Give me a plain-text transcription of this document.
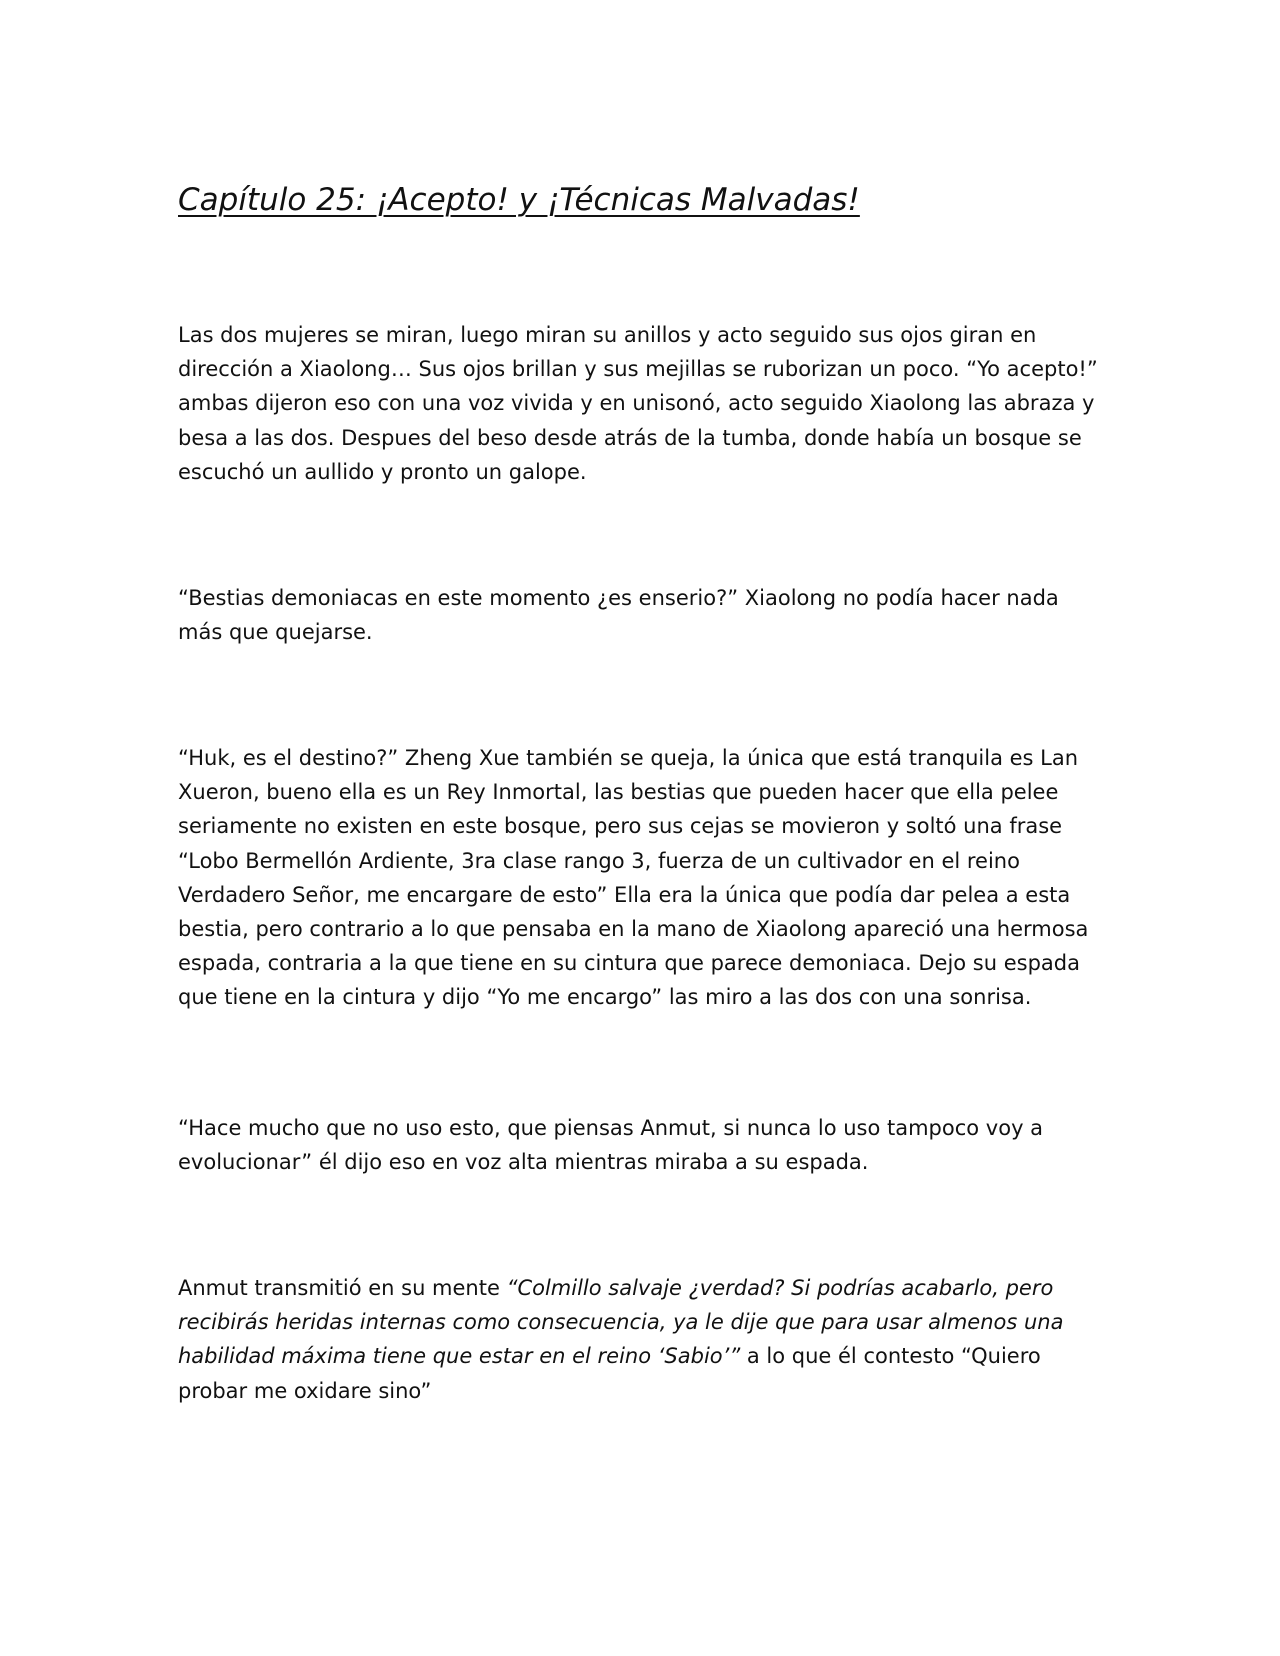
Capítulo 25: ¡Acepto! y ¡Técnicas Malvadas!

Las dos mujeres se miran, luego miran su anillos y acto seguido sus ojos giran en dirección a Xiaolong… Sus ojos brillan y sus mejillas se ruborizan un poco. “Yo acepto!” ambas dijeron eso con una voz vivida y en unisonó, acto seguido Xiaolong las abraza y besa a las dos. Despues del beso desde atrás de la tumba, donde había un bosque se escuchó un aullido y pronto un galope.

“Bestias demoniacas en este momento ¿es enserio?” Xiaolong no podía hacer nada más que quejarse.

“Huk, es el destino?” Zheng Xue también se queja, la única que está tranquila es Lan Xueron, bueno ella es un Rey Inmortal, las bestias que pueden hacer que ella pelee seriamente no existen en este bosque, pero sus cejas se movieron y soltó una frase “Lobo Bermellón Ardiente, 3ra clase rango 3, fuerza de un cultivador en el reino Verdadero Señor, me encargare de esto” Ella era la única que podía dar pelea a esta bestia, pero contrario a lo que pensaba en la mano de Xiaolong apareció una hermosa espada, contraria a la que tiene en su cintura que parece demoniaca. Dejo su espada que tiene en la cintura y dijo “Yo me encargo” las miro a las dos con una sonrisa.

“Hace mucho que no uso esto, que piensas Anmut, si nunca lo uso tampoco voy a evolucionar” él dijo eso en voz alta mientras miraba a su espada.

Anmut transmitió en su mente “Colmillo salvaje ¿verdad? Si podrías acabarlo, pero recibirás heridas internas como consecuencia, ya le dije que para usar almenos una habilidad máxima tiene que estar en el reino ‘Sabio’” a lo que él contesto “Quiero probar me oxidare sino”
